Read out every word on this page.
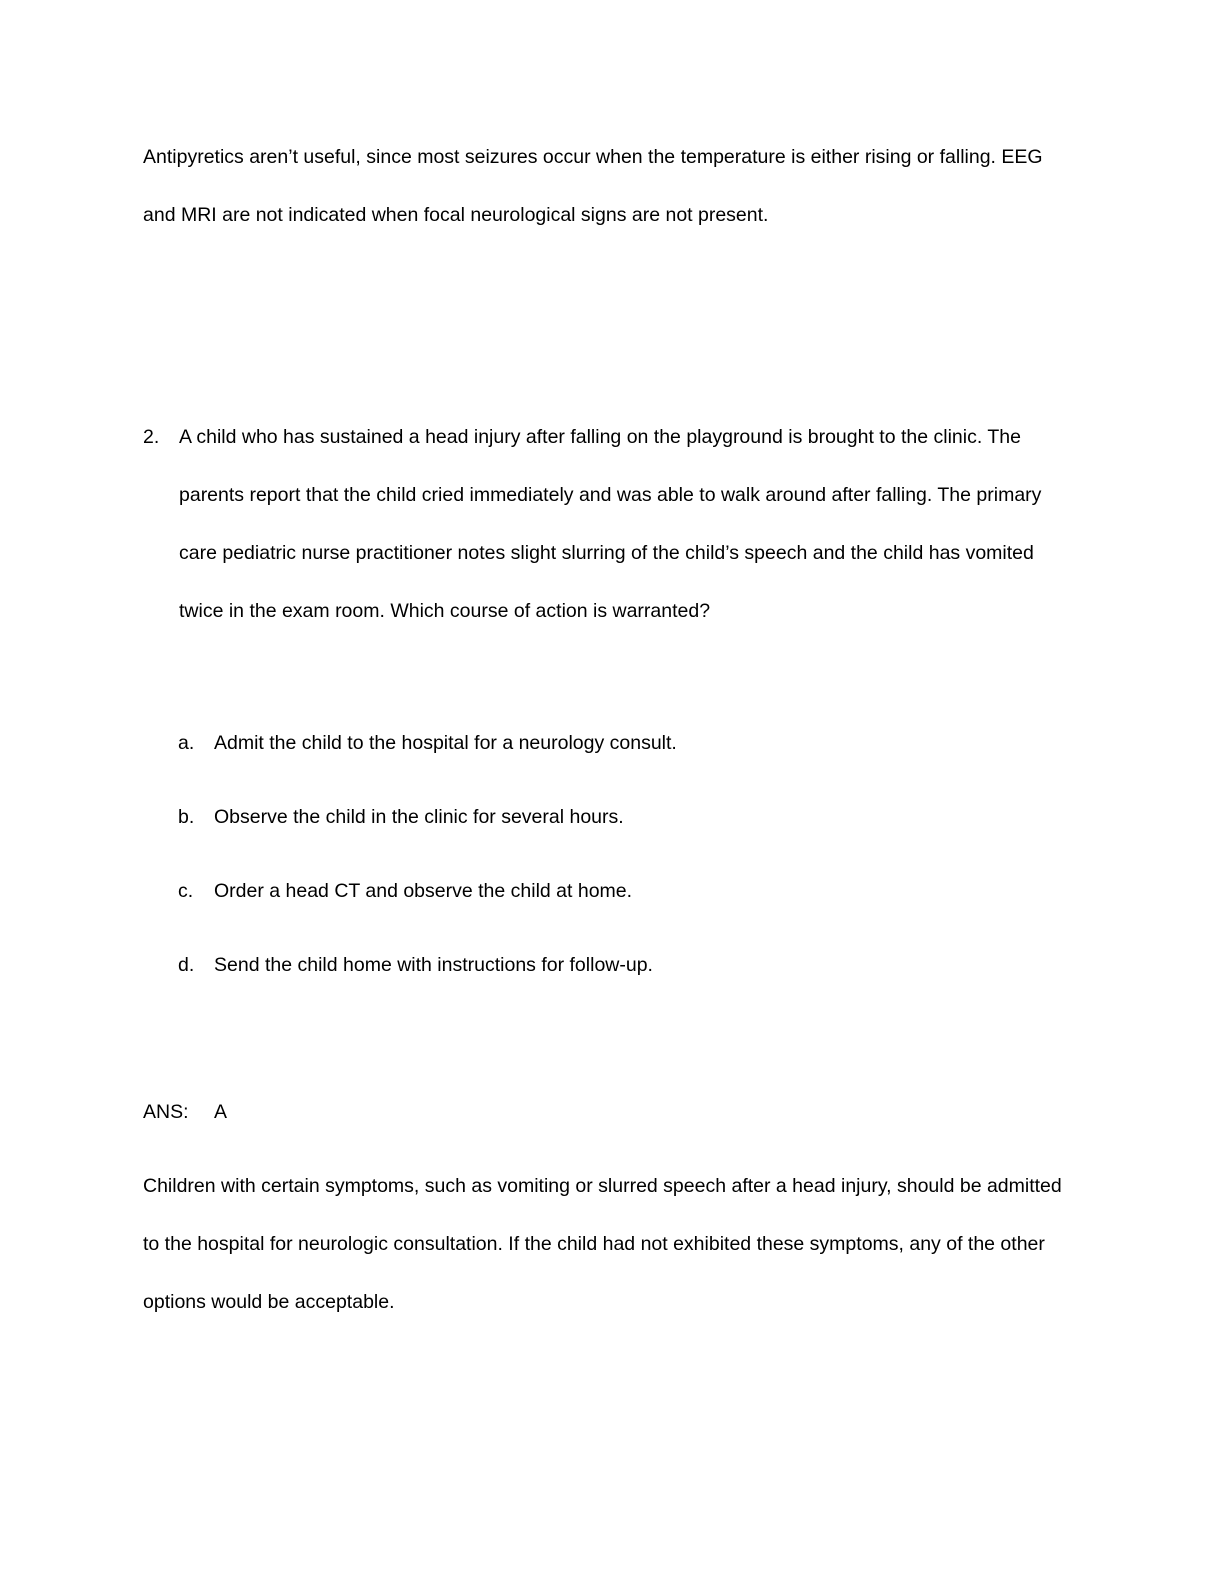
Antipyretics aren’t useful, since most seizures occur when the temperature is either rising or falling. EEG and MRI are not indicated when focal neurological signs are not present.

2. A child who has sustained a head injury after falling on the playground is brought to the clinic. The parents report that the child cried immediately and was able to walk around after falling. The primary care pediatric nurse practitioner notes slight slurring of the child’s speech and the child has vomited twice in the exam room. Which course of action is warranted?
a. Admit the child to the hospital for a neurology consult.
b. Observe the child in the clinic for several hours.
c. Order a head CT and observe the child at home.
d. Send the child home with instructions for follow-up.
ANS: A

Children with certain symptoms, such as vomiting or slurred speech after a head injury, should be admitted to the hospital for neurologic consultation. If the child had not exhibited these symptoms, any of the other options would be acceptable.
